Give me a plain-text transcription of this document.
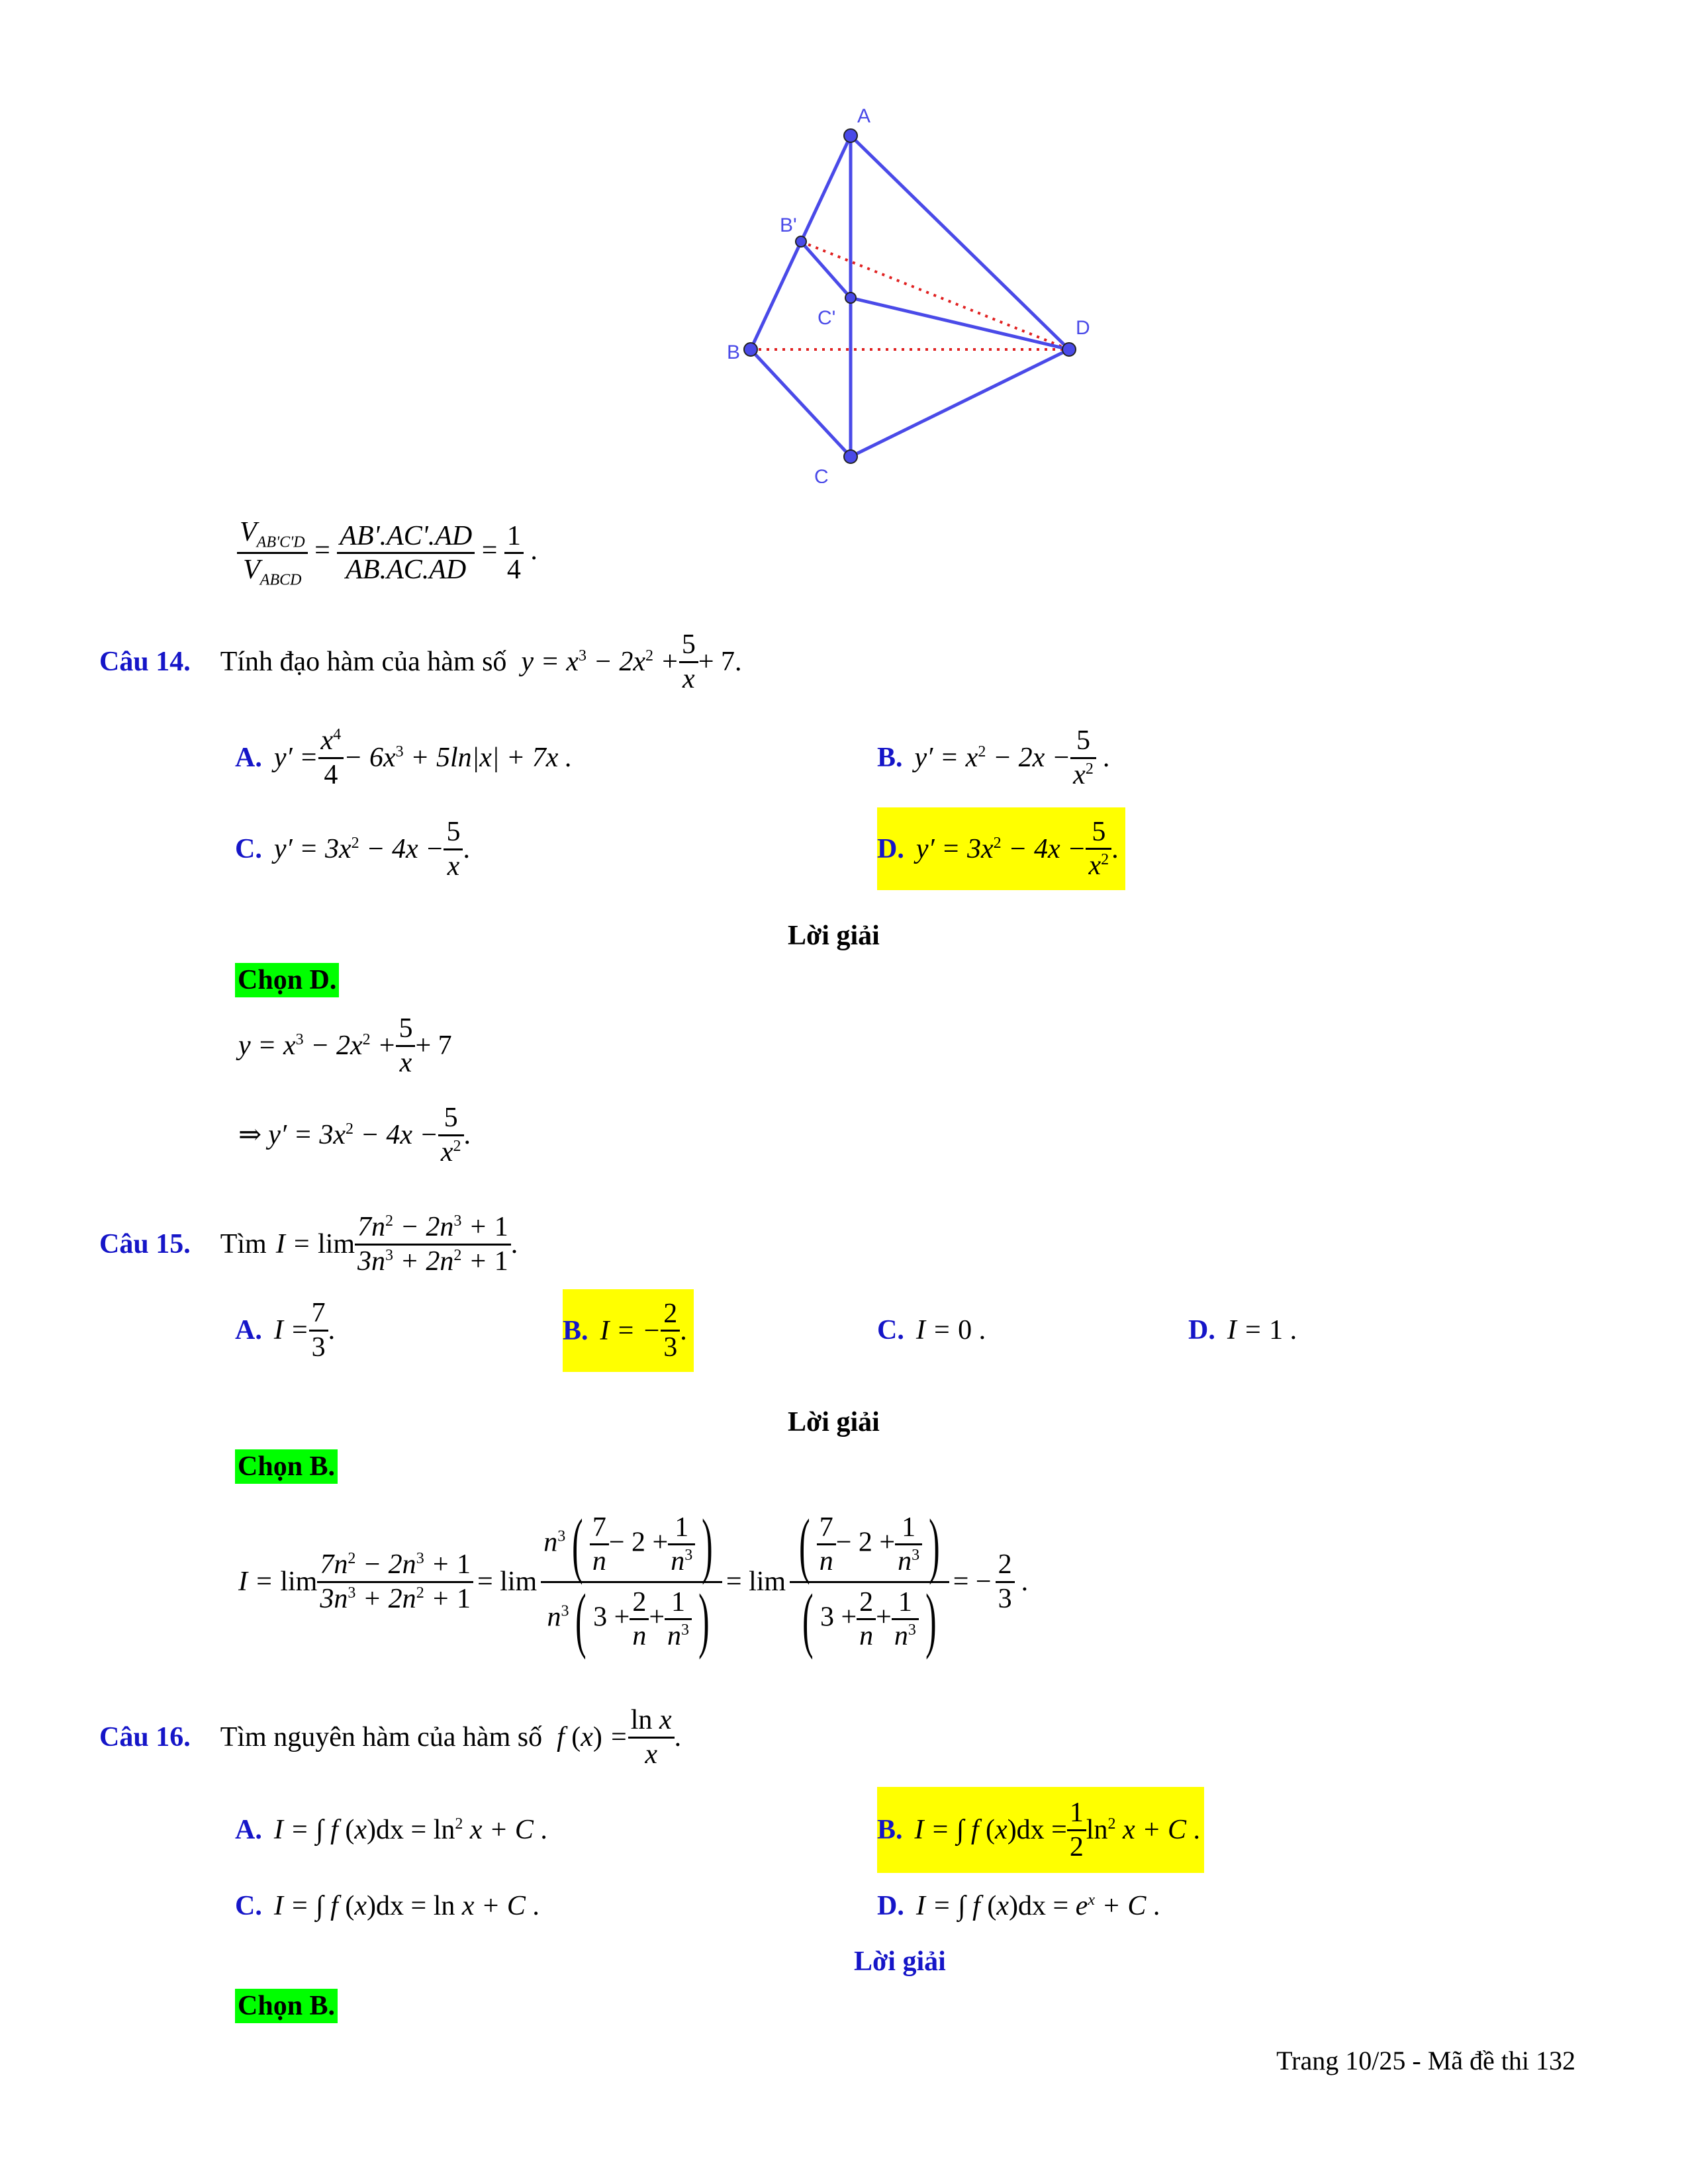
A
B'
C'
B
C
D
$\frac{V_{AB'C'D}}{V_{ABCD}} = \frac{AB'.AC'.AD}{AB.AC.AD} = \frac{1}{4}$ .
Câu 14. Tính đạo hàm của hàm số $y = x^3 - 2x^2 + \frac{5}{x} + 7$.
A. $y' = \frac{x^4}{4} - 6x^3 + 5\ln|x| + 7x$ .	B. $y' = x^2 - 2x - \frac{5}{x^2}$ .
C. $y' = 3x^2 - 4x - \frac{5}{x}$ .	D. $y' = 3x^2 - 4x - \frac{5}{x^2}$ .
Lời giải
Chọn D.
$y = x^3 - 2x^2 + \frac{5}{x} + 7$
⇒ $y' = 3x^2 - 4x - \frac{5}{x^2}$ .
Câu 15. Tìm $I = \lim \frac{7n^2 - 2n^3 + 1}{3n^3 + 2n^2 + 1}$ .
A. $I = \frac{7}{3}$ .	B. I = − $\frac{2}{3}$ .	C. I = 0 .	D. I = 1 .
Lời giải
Chọn B.
$I = \lim \frac{7n^2 - 2n^3 + 1}{3n^3 + 2n^2 + 1} = \lim \frac{n^3( \frac{7}{n} - 2 + \frac{1}{n^3} )}{n^3( 3 + \frac{2}{n} + \frac{1}{n^3} )} = \lim \frac{( \frac{7}{n} - 2 + \frac{1}{n^3} )}{( 3 + \frac{2}{n} + \frac{1}{n^3} )}$ = − $\frac{2}{3}$ .
Câu 16. Tìm nguyên hàm của hàm số f $(x) = \frac{\text{ln x}}{x}$ .
A. I = ∫ f $(x)dx = \ln^2 x + C$ .	B. I = ∫ f $(x)dx = \frac{1}{2} \ln^2 x + C$ .
C. I = ∫ f (x)dx = ln x + C .	D. I = ∫ f $(x)dx = e^x + C$ .
Lời giải
Chọn B.
Trang 10/25 - Mã đề thi 132
